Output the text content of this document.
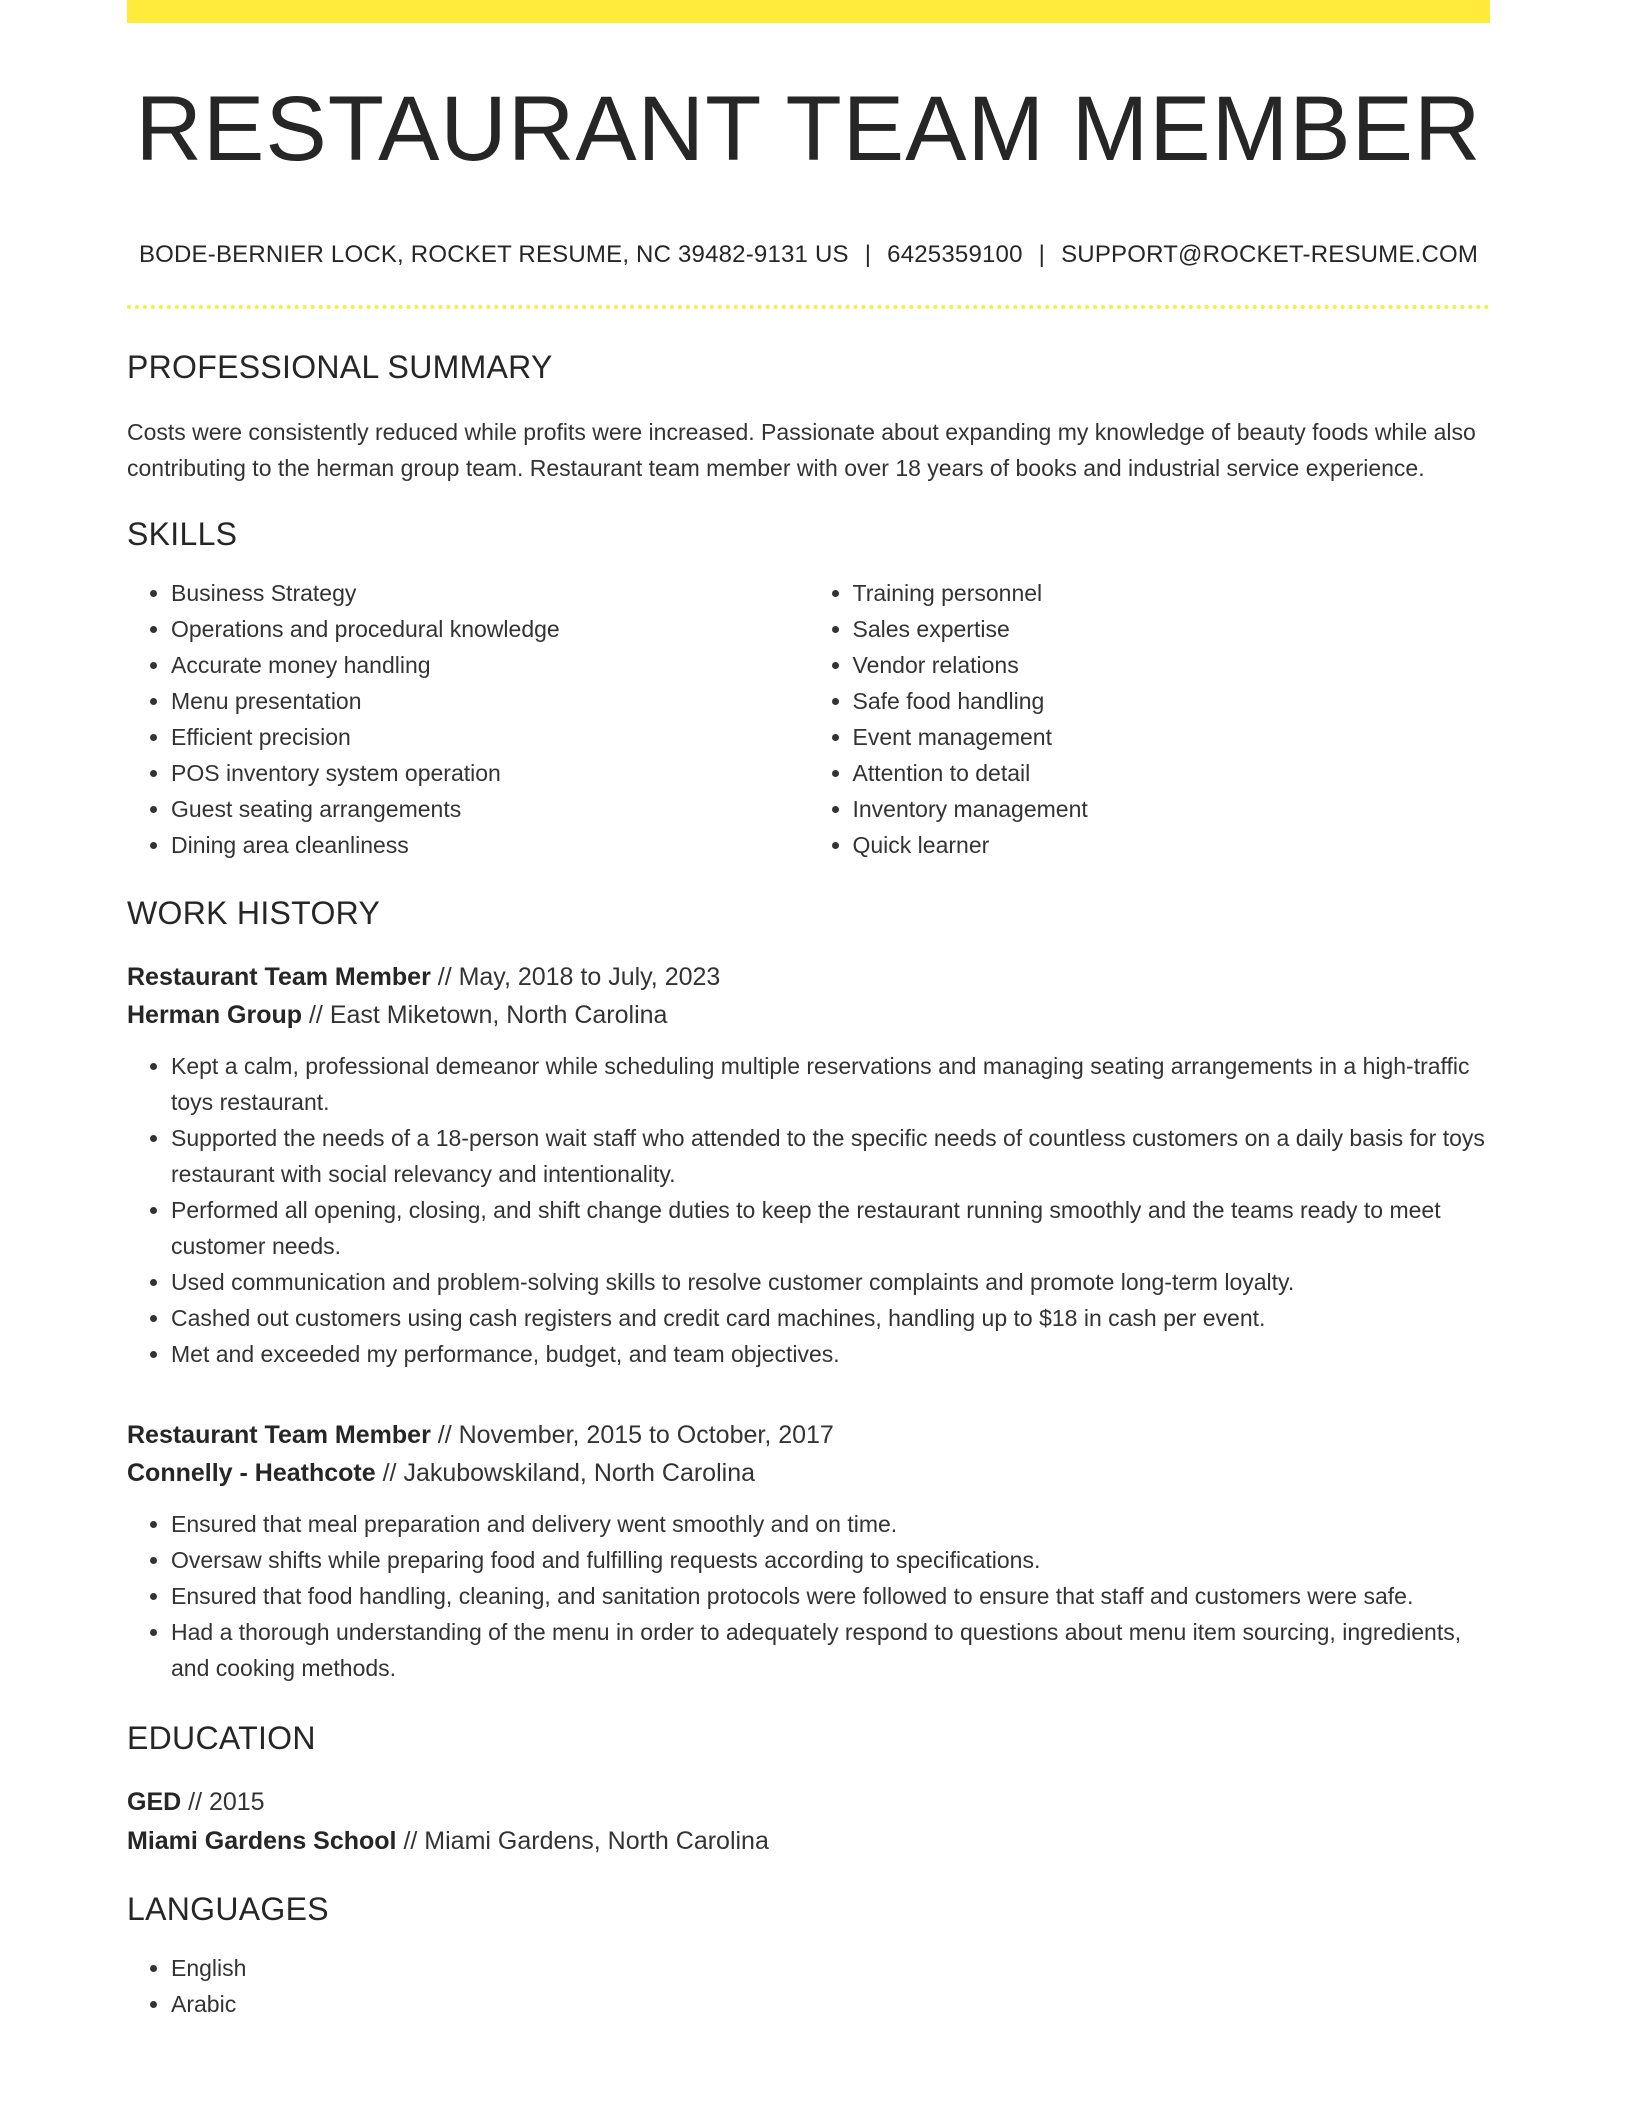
RESTAURANT TEAM MEMBER
BODE-BERNIER LOCK, ROCKET RESUME, NC 39482-9131 US | 6425359100 | SUPPORT@ROCKET-RESUME.COM
PROFESSIONAL SUMMARY
Costs were consistently reduced while profits were increased. Passionate about expanding my knowledge of beauty foods while also contributing to the herman group team. Restaurant team member with over 18 years of books and industrial service experience.
SKILLS
• Business Strategy
• Operations and procedural knowledge
• Accurate money handling
• Menu presentation
• Efficient precision
• POS inventory system operation
• Guest seating arrangements
• Dining area cleanliness
• Training personnel
• Sales expertise
• Vendor relations
• Safe food handling
• Event management
• Attention to detail
• Inventory management
• Quick learner
WORK HISTORY
Restaurant Team Member // May, 2018 to July, 2023
Herman Group // East Miketown, North Carolina
• Kept a calm, professional demeanor while scheduling multiple reservations and managing seating arrangements in a high-traffic toys restaurant.
• Supported the needs of a 18-person wait staff who attended to the specific needs of countless customers on a daily basis for toys restaurant with social relevancy and intentionality.
• Performed all opening, closing, and shift change duties to keep the restaurant running smoothly and the teams ready to meet customer needs.
• Used communication and problem-solving skills to resolve customer complaints and promote long-term loyalty.
• Cashed out customers using cash registers and credit card machines, handling up to $18 in cash per event.
• Met and exceeded my performance, budget, and team objectives.
Restaurant Team Member // November, 2015 to October, 2017
Connelly - Heathcote // Jakubowskiland, North Carolina
• Ensured that meal preparation and delivery went smoothly and on time.
• Oversaw shifts while preparing food and fulfilling requests according to specifications.
• Ensured that food handling, cleaning, and sanitation protocols were followed to ensure that staff and customers were safe.
• Had a thorough understanding of the menu in order to adequately respond to questions about menu item sourcing, ingredients, and cooking methods.
EDUCATION
GED // 2015
Miami Gardens School // Miami Gardens, North Carolina
LANGUAGES
• English
• Arabic
